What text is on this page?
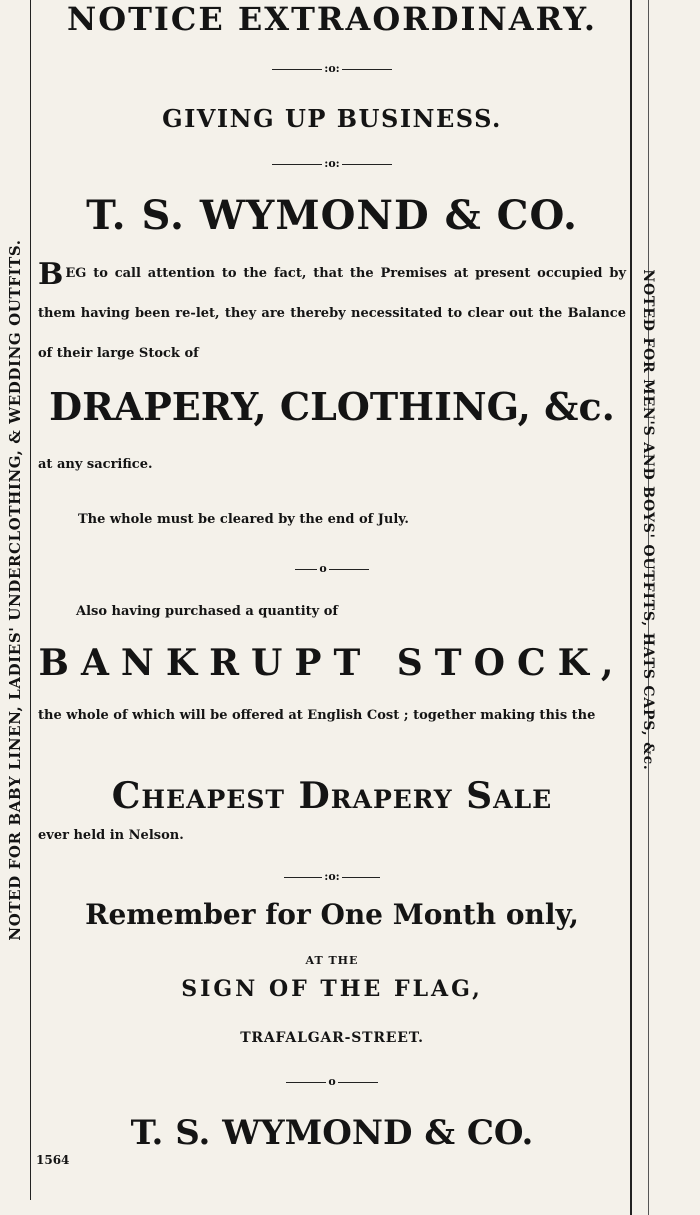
NOTED FOR BABY LINEN, LADIES' UNDERCLOTHING, & WEDDING OUTFITS.	NOTED FOR MEN'S AND BOYS' OUTFITS, HATS CAPS, &c.
NOTICE EXTRAORDINARY.
:o:
GIVING UP BUSINESS.
:o:
T. S. WYMOND & CO.
BEG to call attention to the fact, that the Premises at present occupied by them having been re-let, they are thereby necessitated to clear out the Balance of their large Stock of
DRAPERY, CLOTHING, &c.
at any sacrifice.
The whole must be cleared by the end of July.
o
Also having purchased a quantity of
BANKRUPT STOCK,
the whole of which will be offered at English Cost ; together making this the
Cheapest Drapery Sale
ever held in Nelson.
:o:
Remember for One Month only,
AT THE
SIGN OF THE FLAG,
TRAFALGAR-STREET.
o
T. S. WYMOND & CO.
1564
